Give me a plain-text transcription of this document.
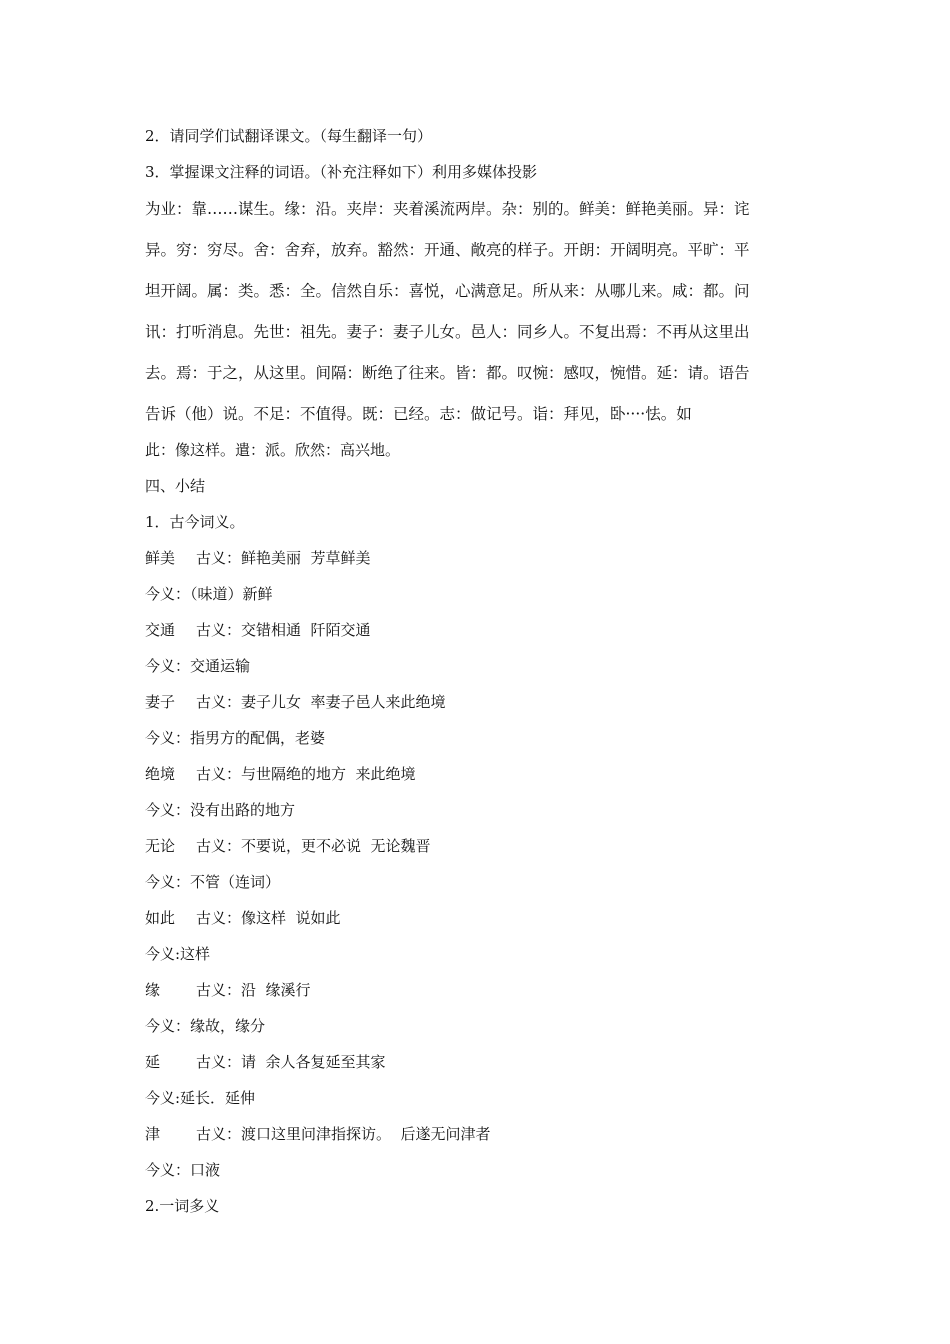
2．请同学们试翻译课文。（每生翻译一句）
3．掌握课文注释的词语。（补充注释如下）利用多媒体投影
为业：靠……谋生。缘：沿。夹岸：夹着溪流两岸。杂：别的。鲜美：鲜艳美丽。异：诧
异。穷：穷尽。舍：舍弃，放弃。豁然：开通、敞亮的样子。开朗：开阔明亮。平旷：平
坦开阔。属：类。悉：全。信然自乐：喜悦，心满意足。所从来：从哪儿来。咸：都。问
讯：打听消息。先世：祖先。妻子：妻子儿女。邑人：同乡人。不复出焉：不再从这里出
去。焉：于之，从这里。间隔：断绝了往来。皆：都。叹惋：感叹，惋惜。延：请。语告
告诉（他）说。不足：不值得。既：已经。志：做记号。诣：拜见，卧····怯。如
此：像这样。遣：派。欣然：高兴地。
四、小结
1．古今词义。
鲜美 古义：鲜艳美丽  芳草鲜美
今义：（味道）新鲜
交通 古义：交错相通  阡陌交通
今义：交通运输
妻子 古义：妻子儿女  率妻子邑人来此绝境
今义：指男方的配偶，老婆
绝境 古义：与世隔绝的地方  来此绝境
今义：没有出路的地方
无论 古义：不要说，更不必说  无论魏晋
今义：不管（连词）
如此 古义：像这样  说如此
今义:这样
缘 古义：沿  缘溪行
今义：缘故，缘分
延 古义：请  余人各复延至其家
今义:延长．延伸
津 古义：渡口这里问津指探访。  后遂无问津者
今义：口液
2.一词多义
